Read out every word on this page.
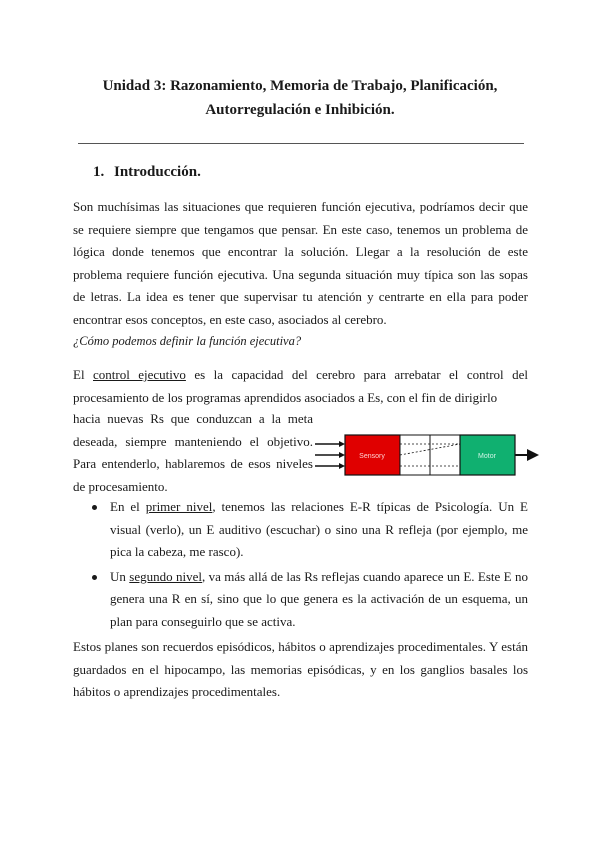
Unidad 3: Razonamiento, Memoria de Trabajo, Planificación,
Autorregulación e Inhibición.
1. Introducción.
Son muchísimas las situaciones que requieren función ejecutiva, podríamos decir que se requiere siempre que tengamos que pensar. En este caso, tenemos un problema de lógica donde tenemos que encontrar la solución. Llegar a la resolución de este problema requiere función ejecutiva. Una segunda situación muy típica son las sopas de letras. La idea es tener que supervisar tu atención y centrarte en ella para poder encontrar esos conceptos, en este caso, asociados al cerebro.
¿Cómo podemos definir la función ejecutiva?
El control ejecutivo es la capacidad del cerebro para arrebatar el control del procesamiento de los programas aprendidos asociados a Es, con el fin de dirigirlo
hacia nuevas Rs que conduzcan a la meta deseada, siempre manteniendo el objetivo. Para entenderlo, hablaremos de esos niveles de procesamiento.
Sensory	Motor
En el primer nivel, tenemos las relaciones E-R típicas de Psicología. Un E visual (verlo), un E auditivo (escuchar) o sino una R refleja (por ejemplo, me pica la cabeza, me rasco).
Un segundo nivel, va más allá de las Rs reflejas cuando aparece un E. Este E no genera una R en sí, sino que lo que genera es la activación de un esquema, un plan para conseguirlo que se activa.
Estos planes son recuerdos episódicos, hábitos o aprendizajes procedimentales. Y están guardados en el hipocampo, las memorias episódicas, y en los ganglios basales los hábitos o aprendizajes procedimentales.
